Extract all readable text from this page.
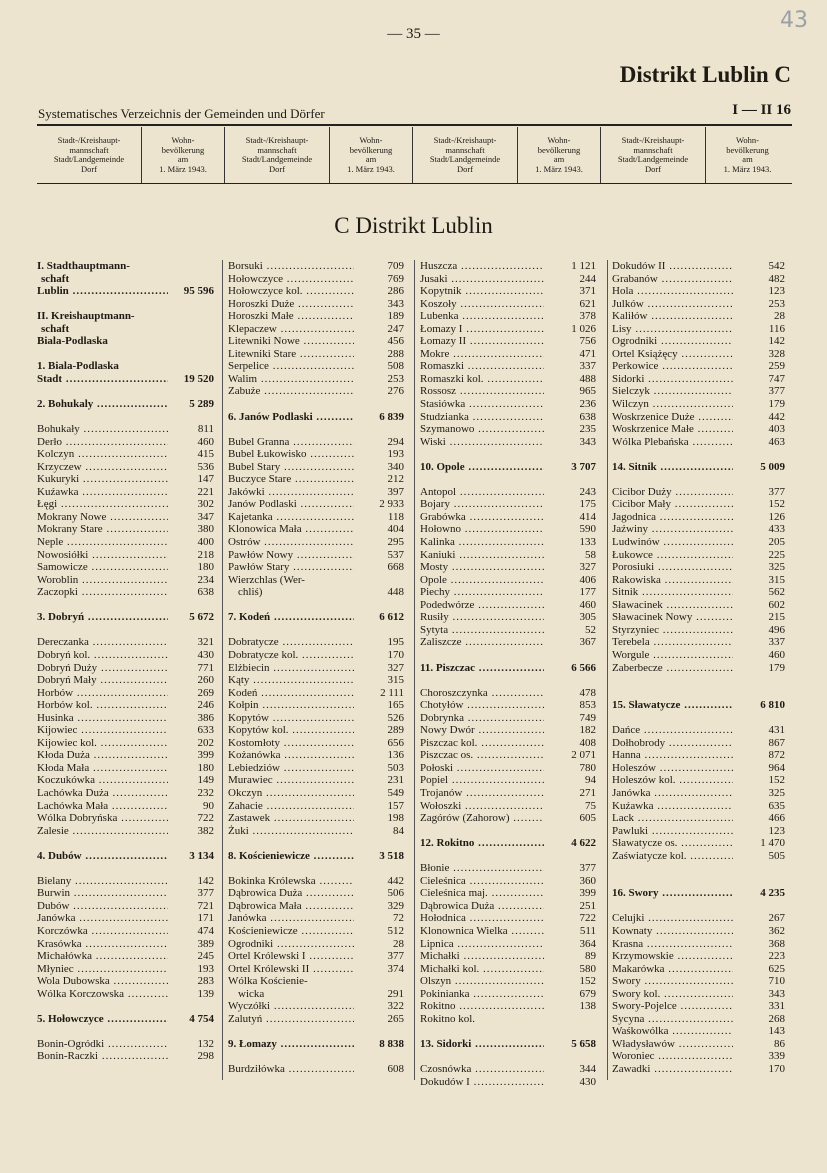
— 35 —
43
Distrikt Lublin C
Systematisches Verzeichnis der Gemeinden und Dörfer	I — II 16
Stadt-/Kreishaupt-
mannschaft
Stadt/Landgemeinde
Dorf
Wohn-
bevölkerung
am
1. März 1943.
Stadt-/Kreishaupt-
mannschaft
Stadt/Landgemeinde
Dorf
Wohn-
bevölkerung
am
1. März 1943.
Stadt-/Kreishaupt-
mannschaft
Stadt/Landgemeinde
Dorf
Wohn-
bevölkerung
am
1. März 1943.
Stadt-/Kreishaupt-
mannschaft
Stadt/Landgemeinde
Dorf
Wohn-
bevölkerung
am
1. März 1943.
C Distrikt Lublin
I. Stadthauptmann-
schaft
Lublin .....	95 596
II. Kreishauptmann-
schaft
Biala-Podlaska
1. Biala-Podlaska
Stadt .....	19 520
2. Bohukaly .....	5 289
Bohukały .....	811
Derło .....	460
Kolczyn .....	415
Krzyczew .....	536
Kukuryki .....	147
Kuźawka .....	221
Łęgi .....	302
Mokrany Nowe .....	347
Mokrany Stare .....	380
Neple .....	400
Nowosiółki .....	218
Samowicze .....	180
Woroblin .....	234
Zaczopki .....	638
3. Dobryń .....	5 672
Dereczanka .....	321
Dobryń kol. .....	430
Dobryń Duży .....	771
Dobryń Mały .....	260
Horbów .....	269
Horbów kol. .....	246
Husinka .....	386
Kijowiec .....	633
Kijowiec kol. .....	202
Kłoda Duża .....	399
Kłoda Mała .....	180
Koczukówka .....	149
Lachówka Duża .....	232
Lachówka Mała .....	90
Wólka Dobryńska .....	722
Zalesie .....	382
4. Dubów .....	3 134
Bielany .....	142
Burwin .....	377
Dubów .....	721
Janówka .....	171
Korczówka .....	474
Krasówka .....	389
Michałówka .....	245
Młyniec .....	193
Wola Dubowska .....	283
Wólka Korczowska .....	139
5. Hołowczyce .....	4 754
Bonin-Ogródki .....	132
Bonin-Raczki .....	298
Borsuki .....	709
Hołowczyce .....	769
Hołowczyce kol. .....	286
Horoszki Duże .....	343
Horoszki Małe .....	189
Klepaczew .....	247
Litewniki Nowe .....	456
Litewniki Stare .....	288
Serpelice .....	508
Walim .....	253
Zabuże .....	276
6. Janów Podlaski .....	6 839
Bubel Granna .....	294
Bubel Łukowisko .....	193
Bubel Stary .....	340
Buczyce Stare .....	212
Jakówki .....	397
Janów Podlaski .....	2 933
Kajetanka .....	118
Klonowica Mała .....	404
Ostrów .....	295
Pawłów Nowy .....	537
Pawłów Stary .....	668
Wierzchlas (Wer-
chliś)	448
7. Kodeń .....	6 612
Dobratycze .....	195
Dobratycze kol. .....	170
Elżbiecin .....	327
Kąty .....	315
Kodeń .....	2 111
Kołpin .....	165
Kopytów .....	526
Kopytów kol. .....	289
Kostomłoty .....	656
Kożanówka .....	136
Lebiedziów .....	503
Murawiec .....	231
Okczyn .....	549
Zahacie .....	157
Zastawek .....	198
Żuki .....	84
8. Kościeniewicze .....	3 518
Bokinka Królewska .....	442
Dąbrowica Duża .....	506
Dąbrowica Mała .....	329
Janówka .....	72
Kościeniewicze .....	512
Ogrodniki .....	28
Ortel Królewski I .....	377
Ortel Królewski II .....	374
Wólka Kościenie-
wicka	291
Wyczółki .....	322
Zalutyń .....	265
9. Łomazy .....	8 838
Burdziłówka .....	608
Huszcza .....	1 121
Jusaki .....	244
Kopytnik .....	371
Koszoły .....	621
Lubenka .....	378
Łomazy I .....	1 026
Łomazy II .....	756
Mokre .....	471
Romaszki .....	337
Romaszki kol. .....	488
Rossosz .....	965
Stasiówka .....	236
Studzianka .....	638
Szymanowo .....	235
Wiski .....	343
10. Opole .....	3 707
Antopol .....	243
Bojary .....	175
Grabówka .....	414
Hołowno .....	590
Kalinka .....	133
Kaniuki .....	58
Mosty .....	327
Opole .....	406
Piechy .....	177
Podedwórze .....	460
Rusiły .....	305
Sytyta .....	52
Zaliszcze .....	367
11. Piszczac .....	6 566
Choroszczynka .....	478
Chotyłów .....	853
Dobrynka .....	749
Nowy Dwór .....	182
Piszczac kol. .....	408
Piszczac os. .....	2 071
Połoski .....	780
Popiel .....	94
Trojanów .....	271
Wołoszki .....	75
Zagórów (Zahorow) .....	605
12. Rokitno .....	4 622
Błonie .....	377
Cieleśnica .....	360
Cieleśnica maj. .....	399
Dąbrowica Duża .....	251
Hołodnica .....	722
Klonownica Wielka .....	511
Lipnica .....	364
Michałki .....	89
Michałki kol. .....	580
Olszyn .....	152
Pokinianka .....	679
Rokitno .....	138
Rokitno kol.
13. Sidorki .....	5 658
Czosnówka .....	344
Dokudów I .....	430
Dokudów II .....	542
Grabanów .....	482
Hola .....	123
Julków .....	253
Kaliłów .....	28
Lisy .....	116
Ogrodniki .....	142
Ortel Książęcy .....	328
Perkowice .....	259
Sidorki .....	747
Sielczyk .....	377
Wilczyn .....	179
Woskrzenice Duże .....	442
Woskrzenice Małe .....	403
Wólka Plebańska .....	463
14. Sitnik .....	5 009
Cicibor Duży .....	377
Cicibor Mały .....	152
Jagodnica .....	126
Jaźwiny .....	433
Ludwinów .....	205
Łukowce .....	225
Porosiuki .....	325
Rakowiska .....	315
Sitnik .....	562
Sławacinek .....	602
Sławacinek Nowy .....	215
Styrzyniec .....	496
Terebela .....	337
Worgule .....	460
Zaberbecze .....	179
15. Sławatycze .....	6 810
Dańce .....	431
Dołhobrody .....	867
Hanna .....	872
Holeszów .....	964
Holeszów kol. .....	152
Janówka .....	325
Kuźawka .....	635
Lack .....	466
Pawluki .....	123
Sławatycze os. .....	1 470
Zaświatycze kol. .....	505
16. Swory .....	4 235
Celujki .....	267
Kownaty .....	362
Krasna .....	368
Krzymowskie .....	223
Makarówka .....	625
Swory .....	710
Swory kol. .....	343
Swory-Pojelce .....	331
Sycyna .....	268
Waśkowólka .....	143
Władysławów .....	86
Woroniec .....	339
Zawadki .....	170
